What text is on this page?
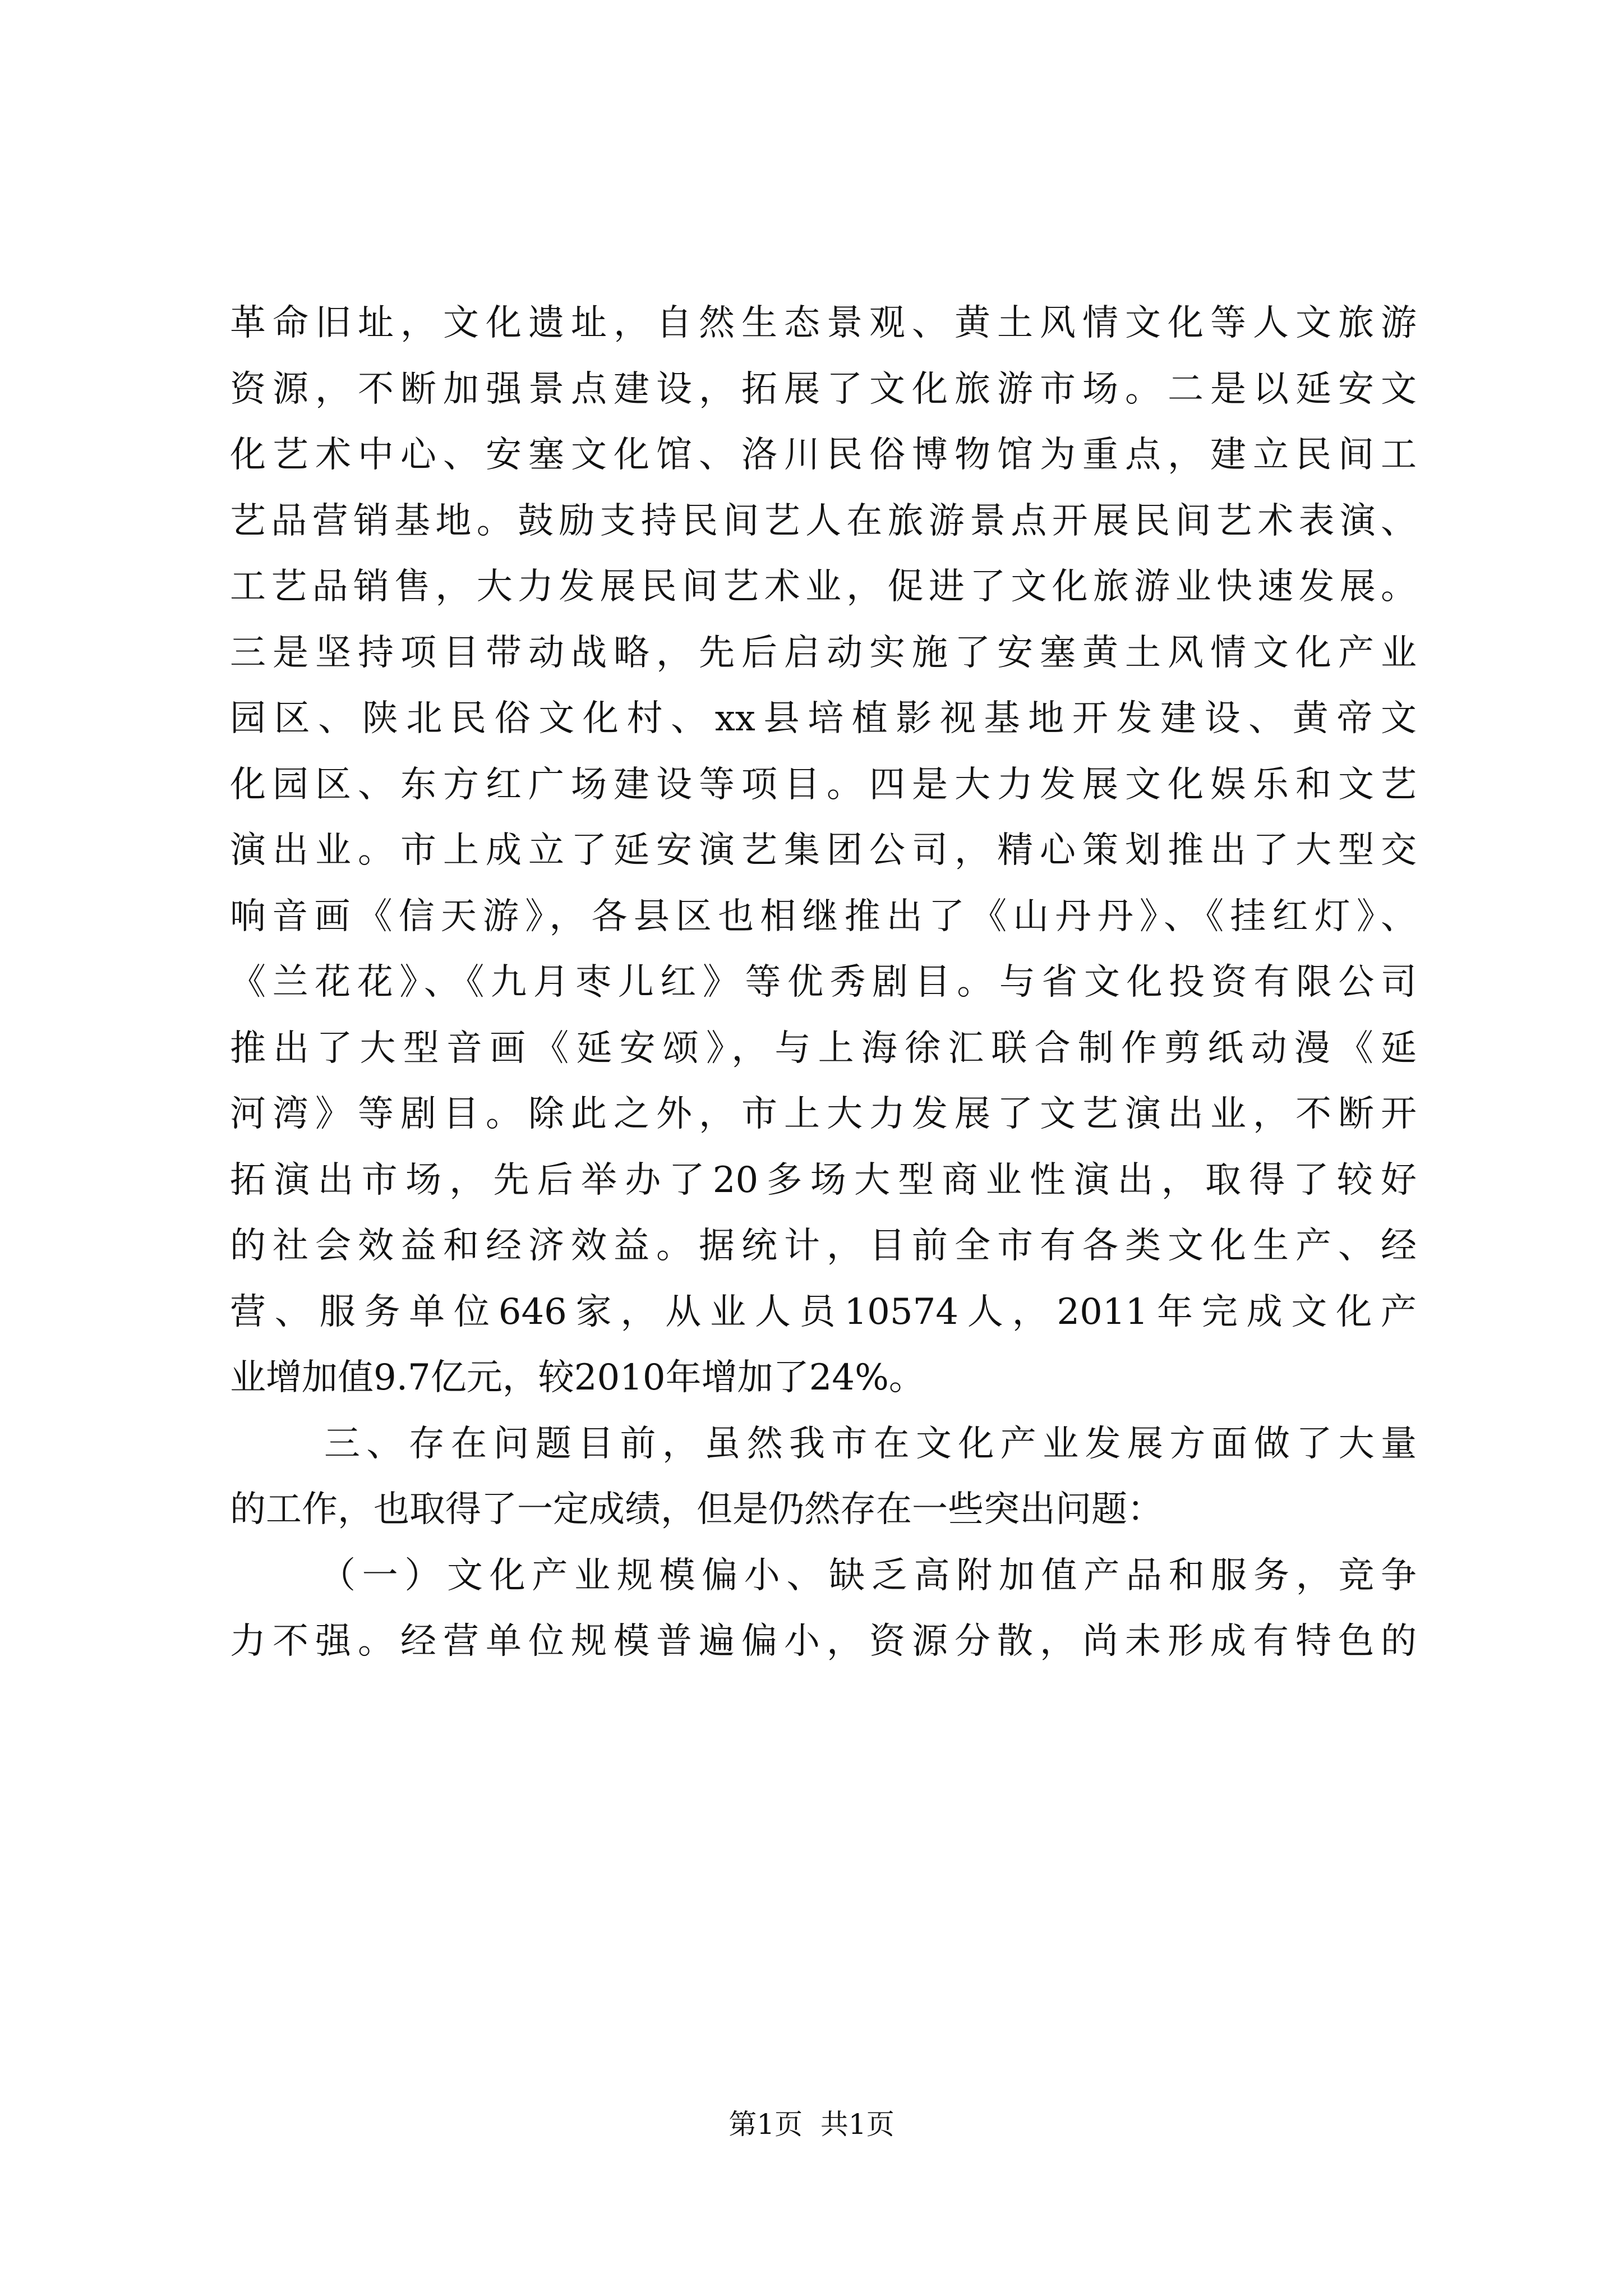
革命旧址，文化遗址，自然生态景观、黄土风情文化等人文旅游
资源，不断加强景点建设，拓展了文化旅游市场。二是以延安文
化艺术中心、安塞文化馆、洛川民俗博物馆为重点，建立民间工
艺品营销基地。鼓励支持民间艺人在旅游景点开展民间艺术表演、
工艺品销售，大力发展民间艺术业，促进了文化旅游业快速发展。
三是坚持项目带动战略，先后启动实施了安塞黄土风情文化产业
园区、陕北民俗文化村、xx县培植影视基地开发建设、黄帝文
化园区、东方红广场建设等项目。四是大力发展文化娱乐和文艺
演出业。市上成立了延安演艺集团公司，精心策划推出了大型交
响音画《信天游》，各县区也相继推出了《山丹丹》、《挂红灯》、
《兰花花》、《九月枣儿红》等优秀剧目。与省文化投资有限公司
推出了大型音画《延安颂》，与上海徐汇联合制作剪纸动漫《延
河湾》等剧目。除此之外，市上大力发展了文艺演出业，不断开
拓演出市场，先后举办了20多场大型商业性演出，取得了较好
的社会效益和经济效益。据统计，目前全市有各类文化生产、经
营、服务单位646家，从业人员10574人，2011年完成文化产
业增加值9.7亿元，较2010年增加了24%。
三、存在问题目前，虽然我市在文化产业发展方面做了大量
的工作，也取得了一定成绩，但是仍然存在一些突出问题：
（一）文化产业规模偏小、缺乏高附加值产品和服务，竞争
力不强。经营单位规模普遍偏小，资源分散，尚未形成有特色的
第1页  共1页
